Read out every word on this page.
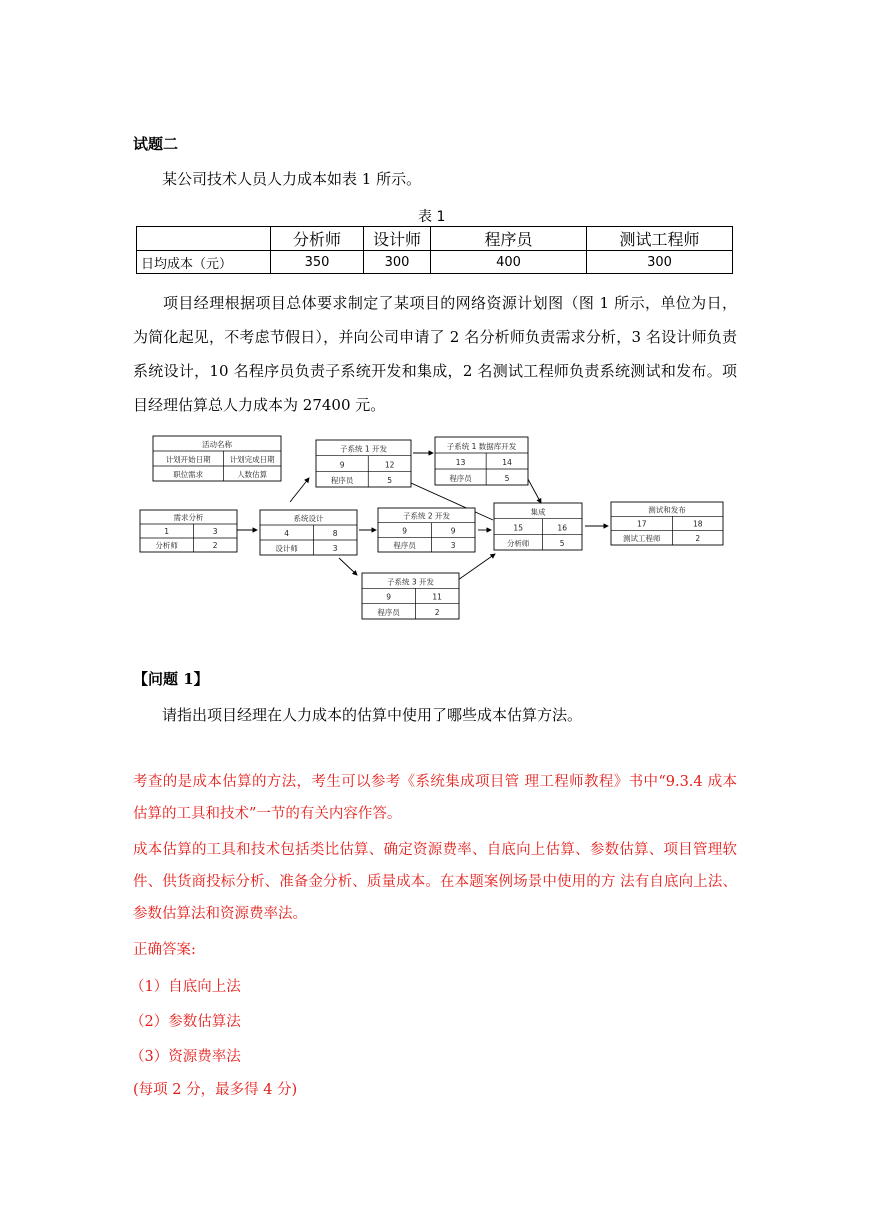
试题二
某公司技术人员人力成本如表 1 所示。
表 1
	分析师	设计师	程序员	测试工程师
日均成本（元）	350	300	400	300
项目经理根据项目总体要求制定了某项目的网络资源计划图（图 1 所示，单位为日，为简化起见，不考虑节假日），并向公司申请了 2 名分析师负责需求分析，3 名设计师负责系统设计，10 名程序员负责子系统开发和集成，2 名测试工程师负责系统测试和发布。项目经理估算总人力成本为 27400 元。
活动名称
计划开始日期	计划完成日期
职位需求	人数估算
需求分析
1	3
分析师	2
系统设计
4	8
设计师	3
子系统 1 开发
9	12
程序员	5
子系统 1 数据库开发
13	14
程序员	5
子系统 2 开发
9	9
程序员	3
子系统 3 开发
9	11
程序员	2
集成
15	16
分析师	5
测试和发布
17	18
测试工程师	2
【问题 1】
请指出项目经理在人力成本的估算中使用了哪些成本估算方法。
考查的是成本估算的方法，考生可以参考《系统集成项目管 理工程师教程》书中“9.3.4 成本估算的工具和技术”一节的有关内容作答。
成本估算的工具和技术包括类比估算、确定资源费率、自底向上估算、参数估算、项目管理软件、供货商投标分析、准备金分析、质量成本。在本题案例场景中使用的方 法有自底向上法、参数估算法和资源费率法。
正确答案:
（1）自底向上法
（2）参数估算法
（3）资源费率法
(每项 2 分，最多得 4 分)
